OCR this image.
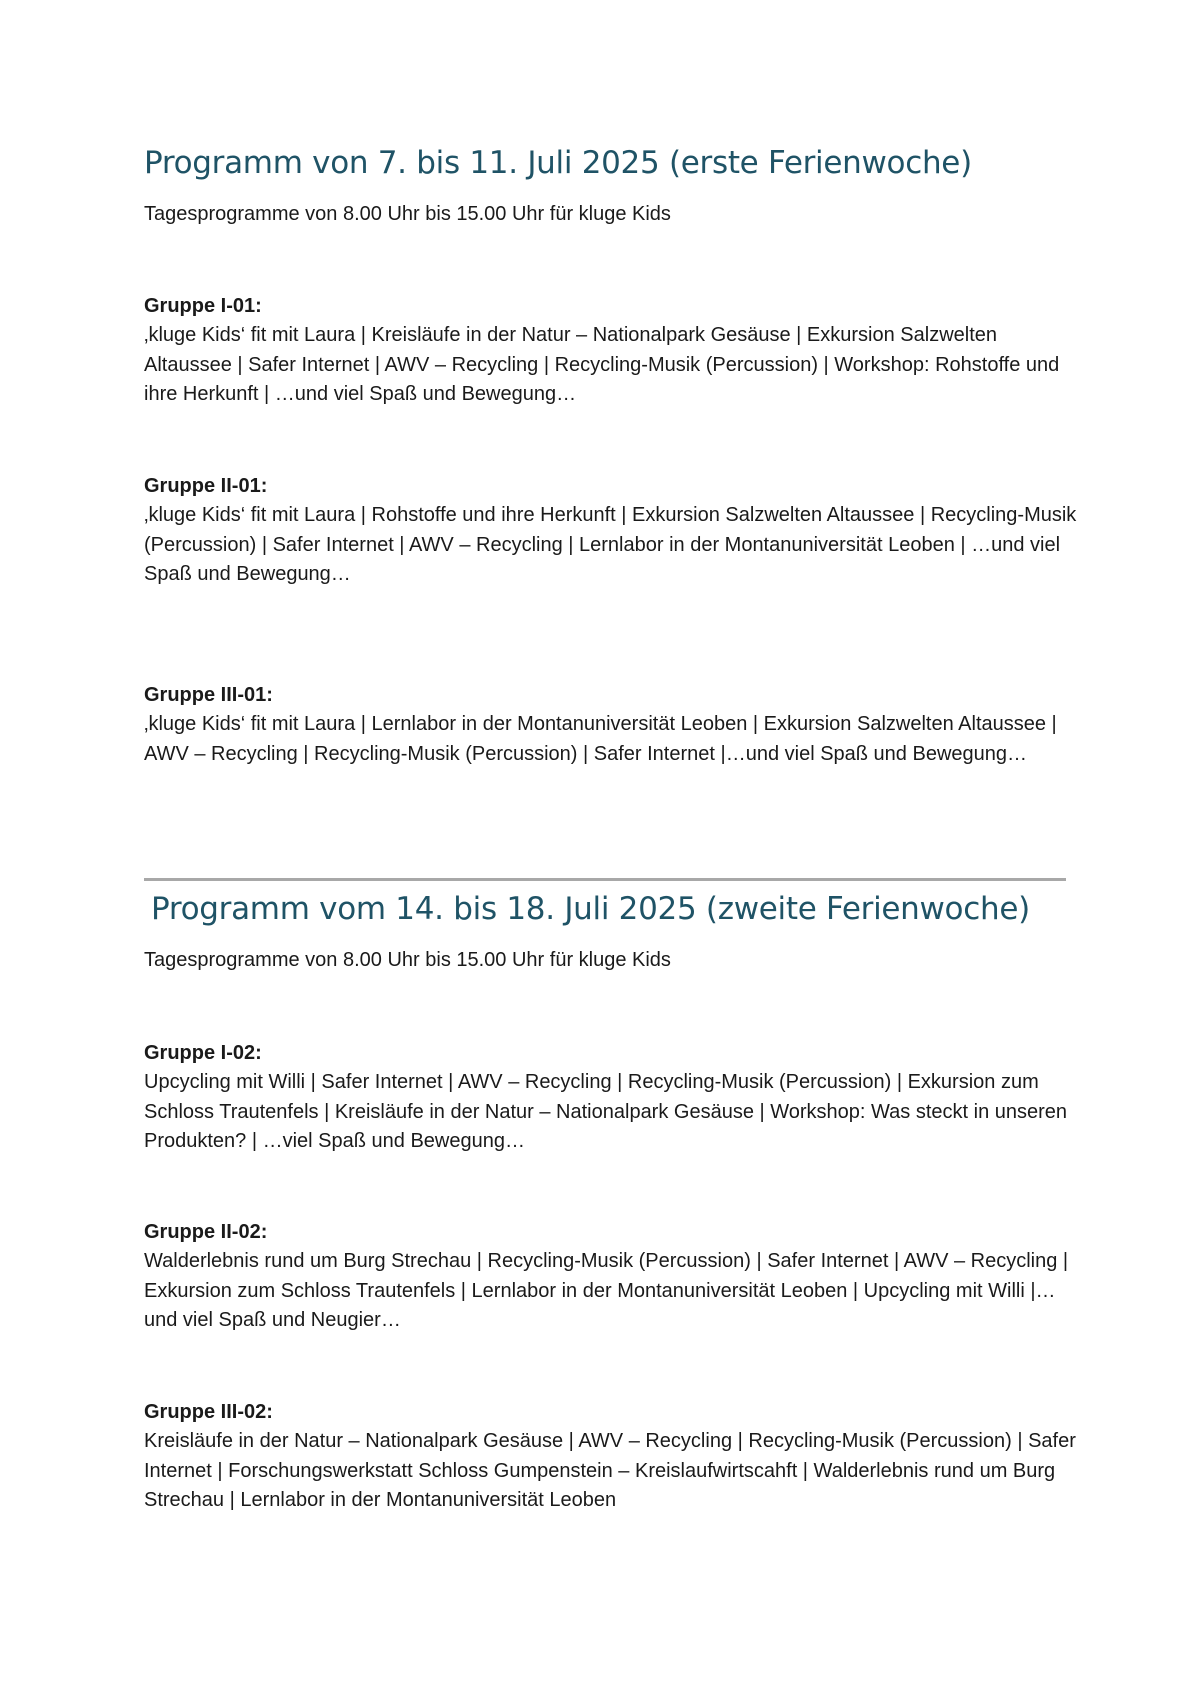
Programm von 7. bis 11. Juli 2025 (erste Ferienwoche)

Tagesprogramme von 8.00 Uhr bis 15.00 Uhr für kluge Kids

Gruppe I-01:

‚kluge Kids‘ fit mit Laura | Kreisläufe in der Natur – Nationalpark Gesäuse | Exkursion Salzwelten Altaussee | Safer Internet | AWV – Recycling | Recycling-Musik (Percussion) | Workshop: Rohstoffe und ihre Herkunft | …und viel Spaß und Bewegung…

Gruppe II-01:

‚kluge Kids‘ fit mit Laura | Rohstoffe und ihre Herkunft | Exkursion Salzwelten Altaussee | Recycling-Musik (Percussion) | Safer Internet | AWV – Recycling | Lernlabor in der Montanuniversität Leoben | …und viel Spaß und Bewegung…

Gruppe III-01:

‚kluge Kids‘ fit mit Laura | Lernlabor in der Montanuniversität Leoben | Exkursion Salzwelten Altaussee | AWV – Recycling | Recycling-Musik (Percussion) | Safer Internet |…und viel Spaß und Bewegung…

Programm vom 14. bis 18. Juli 2025 (zweite Ferienwoche)

Tagesprogramme von 8.00 Uhr bis 15.00 Uhr für kluge Kids

Gruppe I-02:

Upcycling mit Willi | Safer Internet | AWV – Recycling | Recycling-Musik (Percussion) | Exkursion zum Schloss Trautenfels | Kreisläufe in der Natur – Nationalpark Gesäuse | Workshop: Was steckt in unseren Produkten? | …viel Spaß und Bewegung…

Gruppe II-02:

Walderlebnis rund um Burg Strechau | Recycling-Musik (Percussion) | Safer Internet | AWV – Recycling | Exkursion zum Schloss Trautenfels | Lernlabor in der Montanuniversität Leoben | Upcycling mit Willi |…und viel Spaß und Neugier…

Gruppe III-02:

Kreisläufe in der Natur – Nationalpark Gesäuse | AWV – Recycling | Recycling-Musik (Percussion) | Safer Internet | Forschungswerkstatt Schloss Gumpenstein – Kreislaufwirtscahft | Walderlebnis rund um Burg Strechau | Lernlabor in der Montanuniversität Leoben
